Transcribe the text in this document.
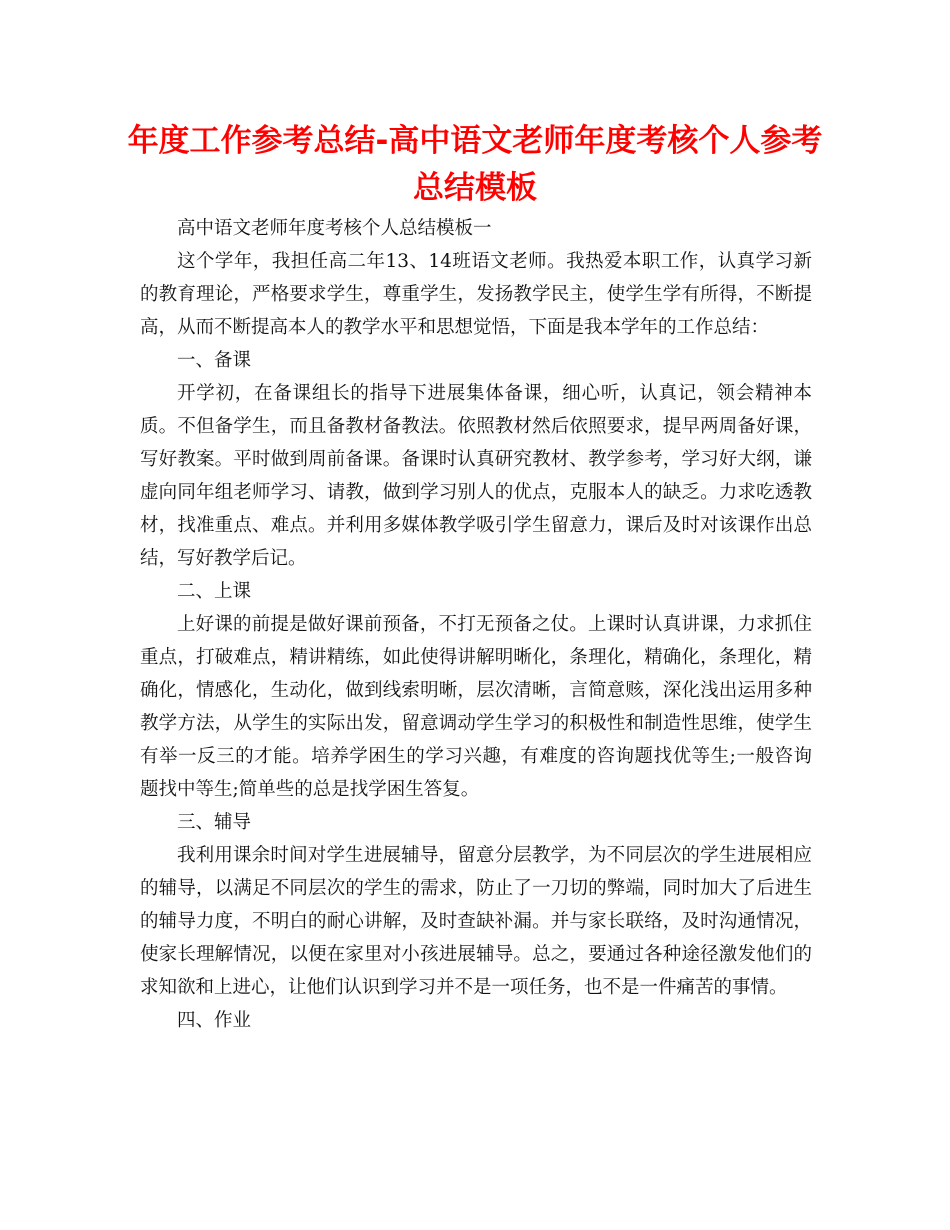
年度工作参考总结-高中语文老师年度考核个人参考总结模板

高中语文老师年度考核个人总结模板一

这个学年，我担任高二年13、14班语文老师。我热爱本职工作，认真学习新的教育理论，严格要求学生，尊重学生，发扬教学民主，使学生学有所得，不断提高，从而不断提高本人的教学水平和思想觉悟，下面是我本学年的工作总结：

一、备课

开学初，在备课组长的指导下进展集体备课，细心听，认真记，领会精神本质。不但备学生，而且备教材备教法。依照教材然后依照要求，提早两周备好课，写好教案。平时做到周前备课。备课时认真研究教材、教学参考，学习好大纲，谦虚向同年组老师学习、请教，做到学习别人的优点，克服本人的缺乏。力求吃透教材，找准重点、难点。并利用多媒体教学吸引学生留意力，课后及时对该课作出总结，写好教学后记。

二、上课

上好课的前提是做好课前预备，不打无预备之仗。上课时认真讲课，力求抓住重点，打破难点，精讲精练，如此使得讲解明晰化，条理化，精确化，条理化，精确化，情感化，生动化，做到线索明晰，层次清晰，言简意赅，深化浅出运用多种教学方法，从学生的实际出发，留意调动学生学习的积极性和制造性思维，使学生有举一反三的才能。培养学困生的学习兴趣，有难度的咨询题找优等生;一般咨询题找中等生;简单些的总是找学困生答复。

三、辅导

我利用课余时间对学生进展辅导，留意分层教学，为不同层次的学生进展相应的辅导，以满足不同层次的学生的需求，防止了一刀切的弊端，同时加大了后进生的辅导力度，不明白的耐心讲解，及时查缺补漏。并与家长联络，及时沟通情况，使家长理解情况，以便在家里对小孩进展辅导。总之，要通过各种途径激发他们的求知欲和上进心，让他们认识到学习并不是一项任务，也不是一件痛苦的事情。

四、作业
